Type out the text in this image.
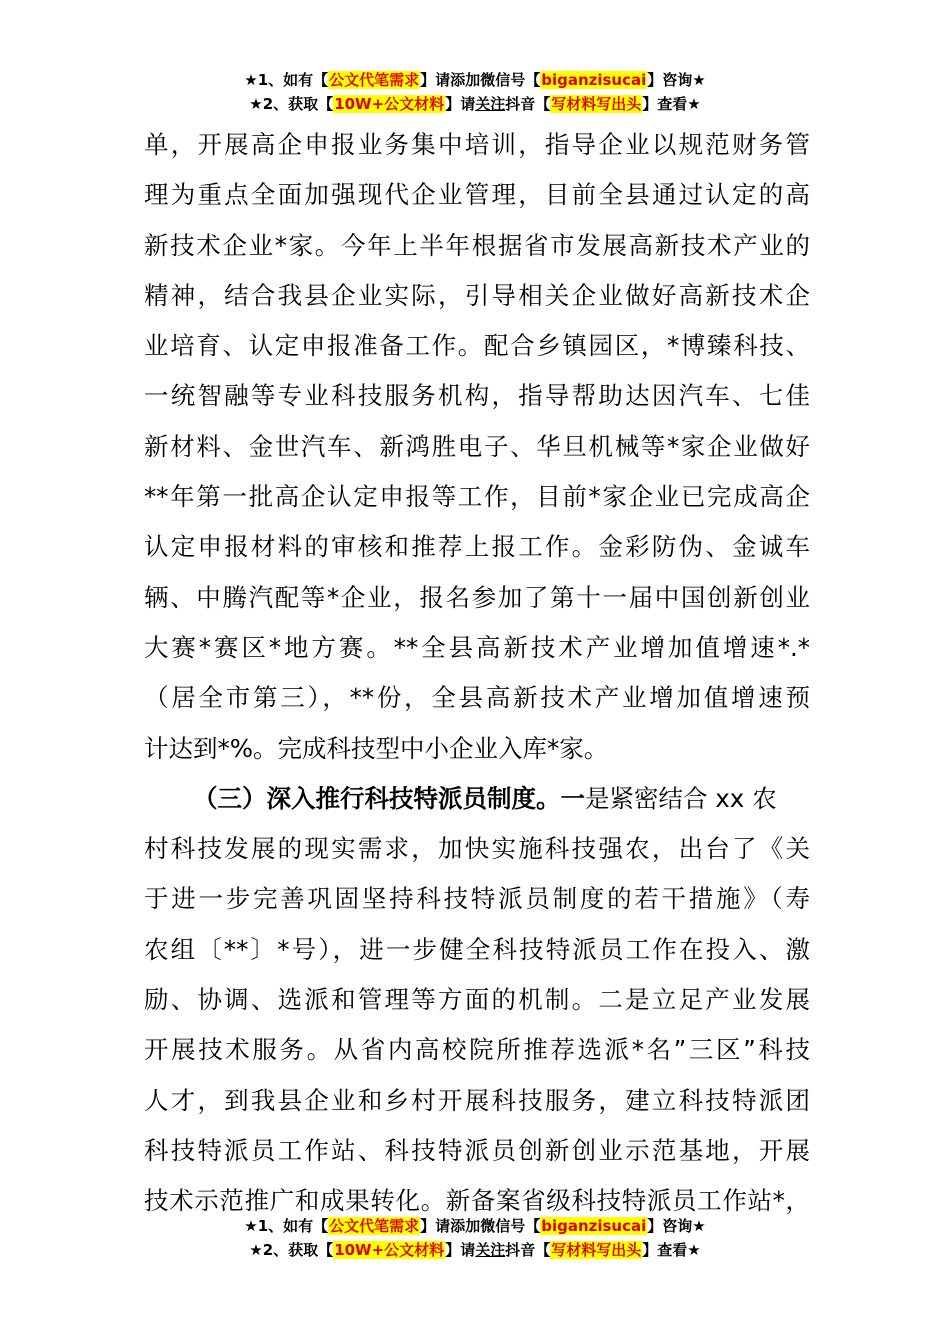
★1、如有【公文代笔需求】请添加微信号【biganzisucai】咨询★
★2、获取【10W+公文材料】请关注抖音【写材料写出头】查看★
单，开展高企申报业务集中培训，指导企业以规范财务管
理为重点全面加强现代企业管理，目前全县通过认定的高
新技术企业*家。今年上半年根据省市发展高新技术产业的
精神，结合我县企业实际，引导相关企业做好高新技术企
业培育、认定申报准备工作。配合乡镇园区，*博臻科技、
一统智融等专业科技服务机构，指导帮助达因汽车、七佳
新材料、金世汽车、新鸿胜电子、华旦机械等*家企业做好
**年第一批高企认定申报等工作，目前*家企业已完成高企
认定申报材料的审核和推荐上报工作。金彩防伪、金诚车
辆、中腾汽配等*企业，报名参加了第十一届中国创新创业
大赛*赛区*地方赛。**全县高新技术产业增加值增速*.*
（居全市第三），**份，全县高新技术产业增加值增速预
计达到*%。完成科技型中小企业入库*家。
（三）深入推行科技特派员制度。一是紧密结合 xx 农
村科技发展的现实需求，加快实施科技强农，出台了《关
于进一步完善巩固坚持科技特派员制度的若干措施》（寿
农组〔**〕*号），进一步健全科技特派员工作在投入、激
励、协调、选派和管理等方面的机制。二是立足产业发展
开展技术服务。从省内高校院所推荐选派*名”三区”科技
人才，到我县企业和乡村开展科技服务，建立科技特派团
科技特派员工作站、科技特派员创新创业示范基地，开展
技术示范推广和成果转化。新备案省级科技特派员工作站*，
★1、如有【公文代笔需求】请添加微信号【biganzisucai】咨询★
★2、获取【10W+公文材料】请关注抖音【写材料写出头】查看★
